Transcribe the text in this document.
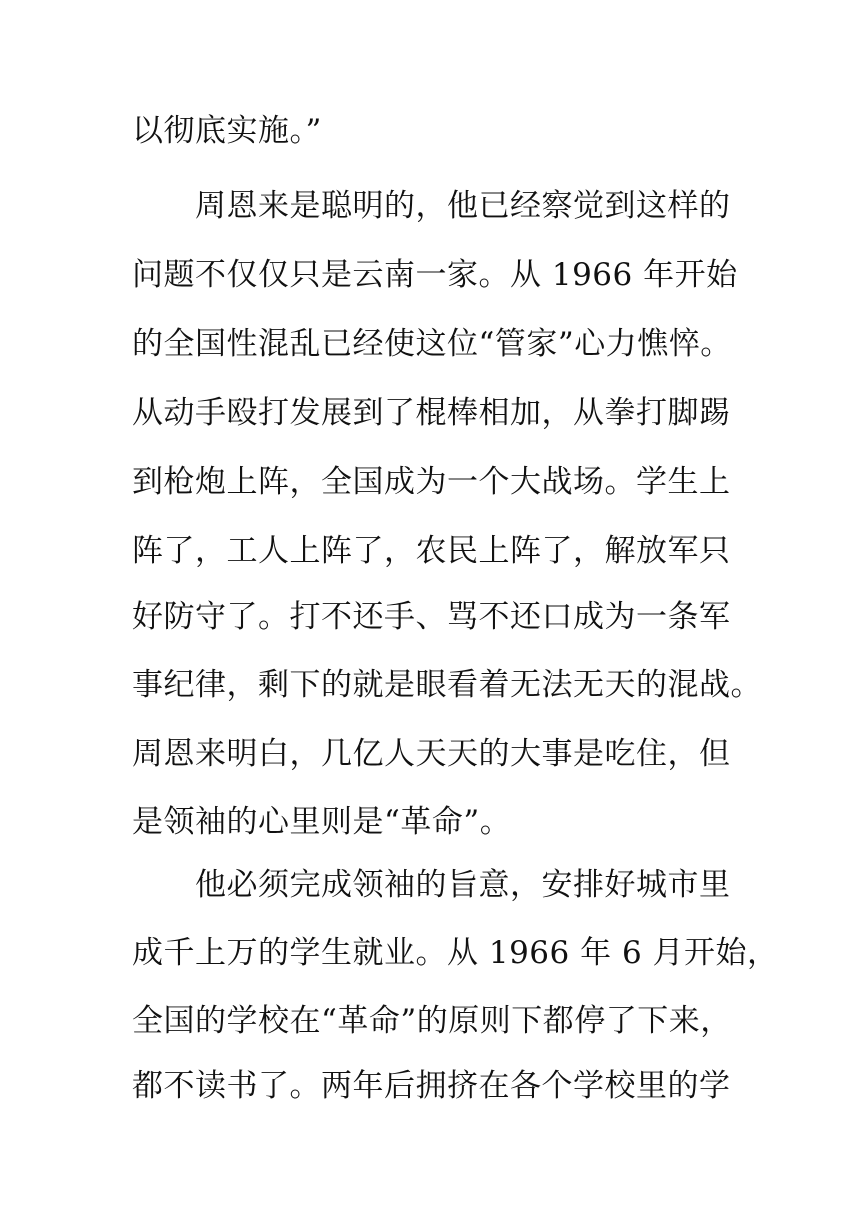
以彻底实施。”
周恩来是聪明的，他已经察觉到这样的
问题不仅仅只是云南一家。从 1966 年开始
的全国性混乱已经使这位“管家”心力憔悴。
从动手殴打发展到了棍棒相加，从拳打脚踢
到枪炮上阵，全国成为一个大战场。学生上
阵了，工人上阵了，农民上阵了，解放军只
好防守了。打不还手、骂不还口成为一条军
事纪律，剩下的就是眼看着无法无天的混战。
周恩来明白，几亿人天天的大事是吃住，但
是领袖的心里则是“革命”。
他必须完成领袖的旨意，安排好城市里
成千上万的学生就业。从 1966 年 6 月开始，
全国的学校在“革命”的原则下都停了下来，
都不读书了。两年后拥挤在各个学校里的学
